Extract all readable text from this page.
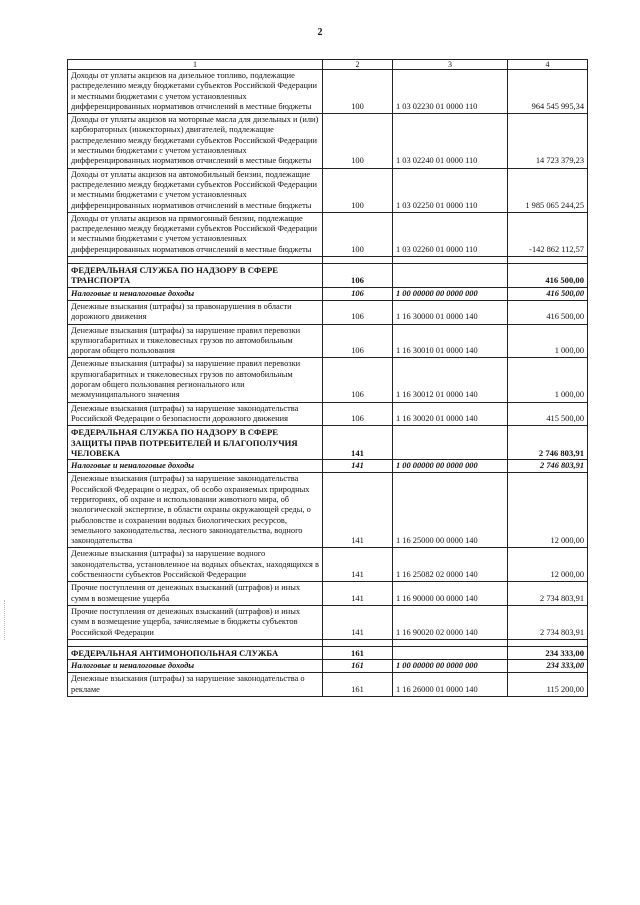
2
1	2	3	4
Доходы от уплаты акцизов на дизельное топливо, подлежащие распределению между бюджетами субъектов Российской Федерации и местными бюджетами с учетом установленных дифференцированных нормативов отчислений в местные бюджеты	100	1 03 02230 01 0000 110	964 545 995,34
Доходы от уплаты акцизов на моторные масла для дизельных и (или) карбюраторных (инжекторных) двигателей, подлежащие распределению между бюджетами субъектов Российской Федерации и местными бюджетами с учетом установленных дифференцированных нормативов отчислений в местные бюджеты	100	1 03 02240 01 0000 110	14 723 379,23
Доходы от уплаты акцизов на автомобильный бензин, подлежащие распределению между бюджетами субъектов Российской Федерации и местными бюджетами с учетом установленных дифференцированных нормативов отчислений в местные бюджеты	100	1 03 02250 01 0000 110	1 985 065 244,25
Доходы от уплаты акцизов на прямогонный бензин, подлежащие распределению между бюджетами субъектов Российской Федерации и местными бюджетами с учетом установленных дифференцированных нормативов отчислений в местные бюджеты	100	1 03 02260 01 0000 110	-142 862 112,57

ФЕДЕРАЛЬНАЯ СЛУЖБА ПО НАДЗОРУ В СФЕРЕ ТРАНСПОРТА	106		416 500,00
Налоговые и неналоговые доходы	106	1 00 00000 00 0000 000	416 500,00
Денежные взыскания (штрафы) за правонарушения в области дорожного движения	106	1 16 30000 01 0000 140	416 500,00
Денежные взыскания (штрафы) за нарушение правил перевозки крупногабаритных и тяжеловесных грузов по автомобильным дорогам общего пользования	106	1 16 30010 01 0000 140	1 000,00
Денежные взыскания (штрафы) за нарушение правил перевозки крупногабаритных и тяжеловесных грузов по автомобильным дорогам общего пользования регионального или межмуниципального значения	106	1 16 30012 01 0000 140	1 000,00
Денежные взыскания (штрафы) за нарушение законодательства Российской Федерации о безопасности дорожного движения	106	1 16 30020 01 0000 140	415 500,00
ФЕДЕРАЛЬНАЯ СЛУЖБА ПО НАДЗОРУ В СФЕРЕ ЗАЩИТЫ ПРАВ ПОТРЕБИТЕЛЕЙ И БЛАГОПОЛУЧИЯ ЧЕЛОВЕКА	141		2 746 803,91
Налоговые и неналоговые доходы	141	1 00 00000 00 0000 000	2 746 803,91
Денежные взыскания (штрафы) за нарушение законодательства Российской Федерации о недрах, об особо охраняемых природных территориях, об охране и использовании животного мира, об экологической экспертизе, в области охраны окружающей среды, о рыболовстве и сохранении водных биологических ресурсов, земельного законодательства, лесного законодательства, водного законодательства	141	1 16 25000 00 0000 140	12 000,00
Денежные взыскания (штрафы) за нарушение водного законодательства, установленное на водных объектах, находящихся в собственности субъектов Российской Федерации	141	1 16 25082 02 0000 140	12 000,00
Прочие поступления от денежных взысканий (штрафов) и иных сумм в возмещение ущерба	141	1 16 90000 00 0000 140	2 734 803,91
Прочие поступления от денежных взысканий (штрафов) и иных сумм в возмещение ущерба, зачисляемые в бюджеты субъектов Российской Федерации	141	1 16 90020 02 0000 140	2 734 803,91

ФЕДЕРАЛЬНАЯ АНТИМОНОПОЛЬНАЯ СЛУЖБА	161		234 333,00
Налоговые и неналоговые доходы	161	1 00 00000 00 0000 000	234 333,00
Денежные взыскания (штрафы) за нарушение законодательства о рекламе	161	1 16 26000 01 0000 140	115 200,00
